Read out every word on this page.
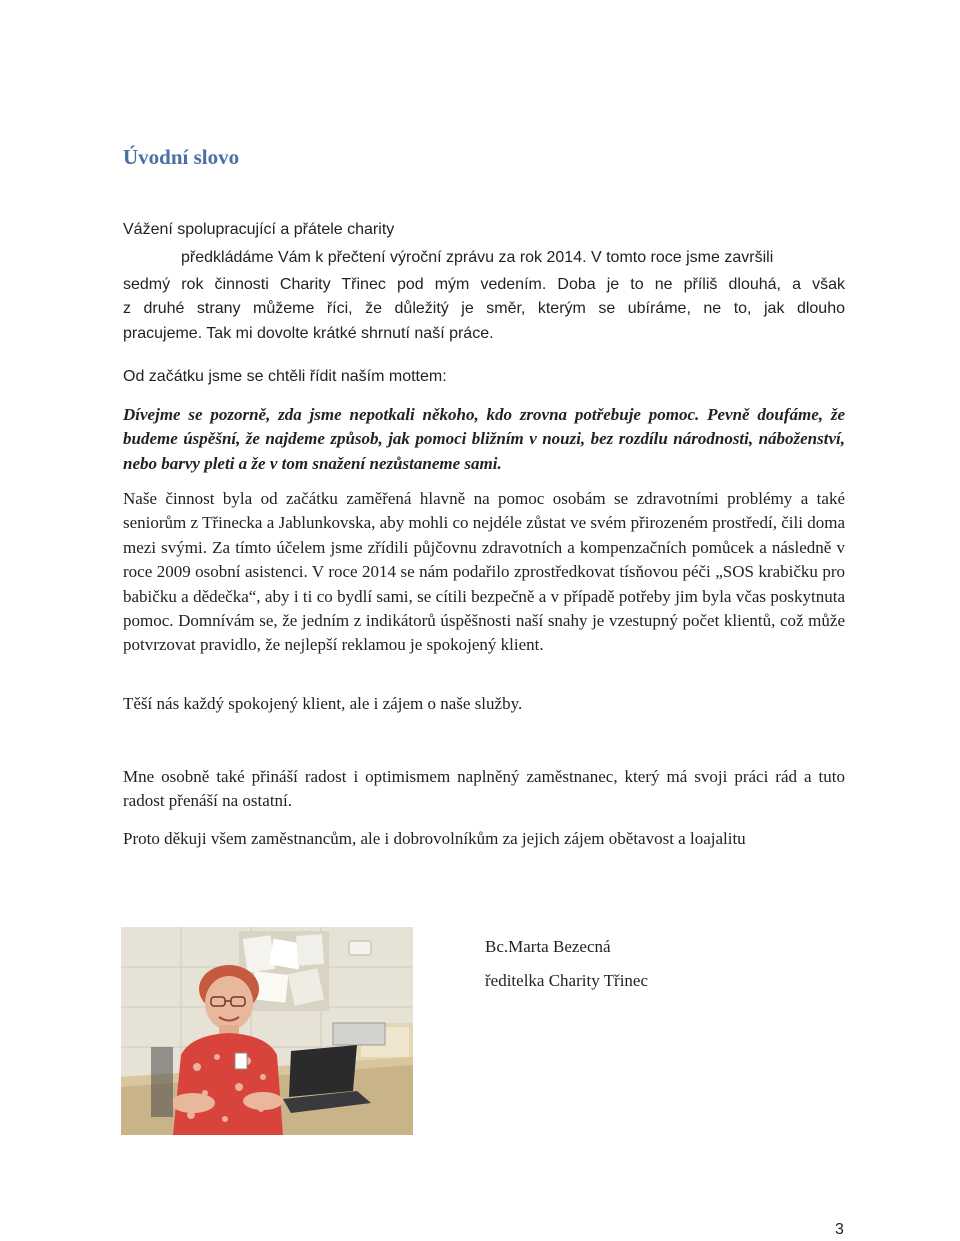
Úvodní slovo

Vážení spolupracující a přátele charity

předkládáme Vám k přečtení výroční zprávu za rok 2014. V tomto roce jsme završili

sedmý rok činnosti Charity Třinec pod mým vedením. Doba je to ne příliš dlouhá, a však
z druhé strany můžeme říci, že důležitý je směr, kterým se ubíráme, ne to, jak dlouho
pracujeme. Tak mi dovolte krátké shrnutí naší práce.

Od začátku jsme se chtěli řídit naším mottem:

Dívejme se pozorně, zda jsme nepotkali někoho, kdo zrovna potřebuje pomoc. Pevně doufáme, že budeme úspěšní, že najdeme způsob, jak pomoci bližním v nouzi, bez rozdílu národnosti, náboženství, nebo barvy pleti a že v tom snažení nezůstaneme sami.

Naše činnost byla od začátku zaměřená hlavně na pomoc osobám se zdravotními problémy a také seniorům z Třinecka a Jablunkovska, aby mohli co nejdéle zůstat ve svém přirozeném prostředí, čili doma mezi svými. Za tímto účelem jsme zřídili půjčovnu zdravotních a kompenzačních pomůcek a následně v roce 2009 osobní asistenci. V roce 2014 se nám podařilo zprostředkovat tísňovou péči „SOS krabičku pro babičku a dědečka“, aby i ti co bydlí sami, se cítili bezpečně a v případě potřeby jim byla včas poskytnuta pomoc. Domnívám se, že jedním z indikátorů úspěšnosti naší snahy je vzestupný počet klientů, což může potvrzovat pravidlo, že nejlepší reklamou je spokojený klient.

Těší nás každý spokojený klient, ale i zájem o naše služby.

Mne osobně také přináší radost i optimismem naplněný zaměstnanec, který má svoji práci rád a tuto radost přenáší na ostatní.

Proto děkuji všem zaměstnancům, ale i dobrovolníkům za jejich zájem obětavost a loajalitu

Bc.Marta Bezecná

ředitelka Charity Třinec

3
